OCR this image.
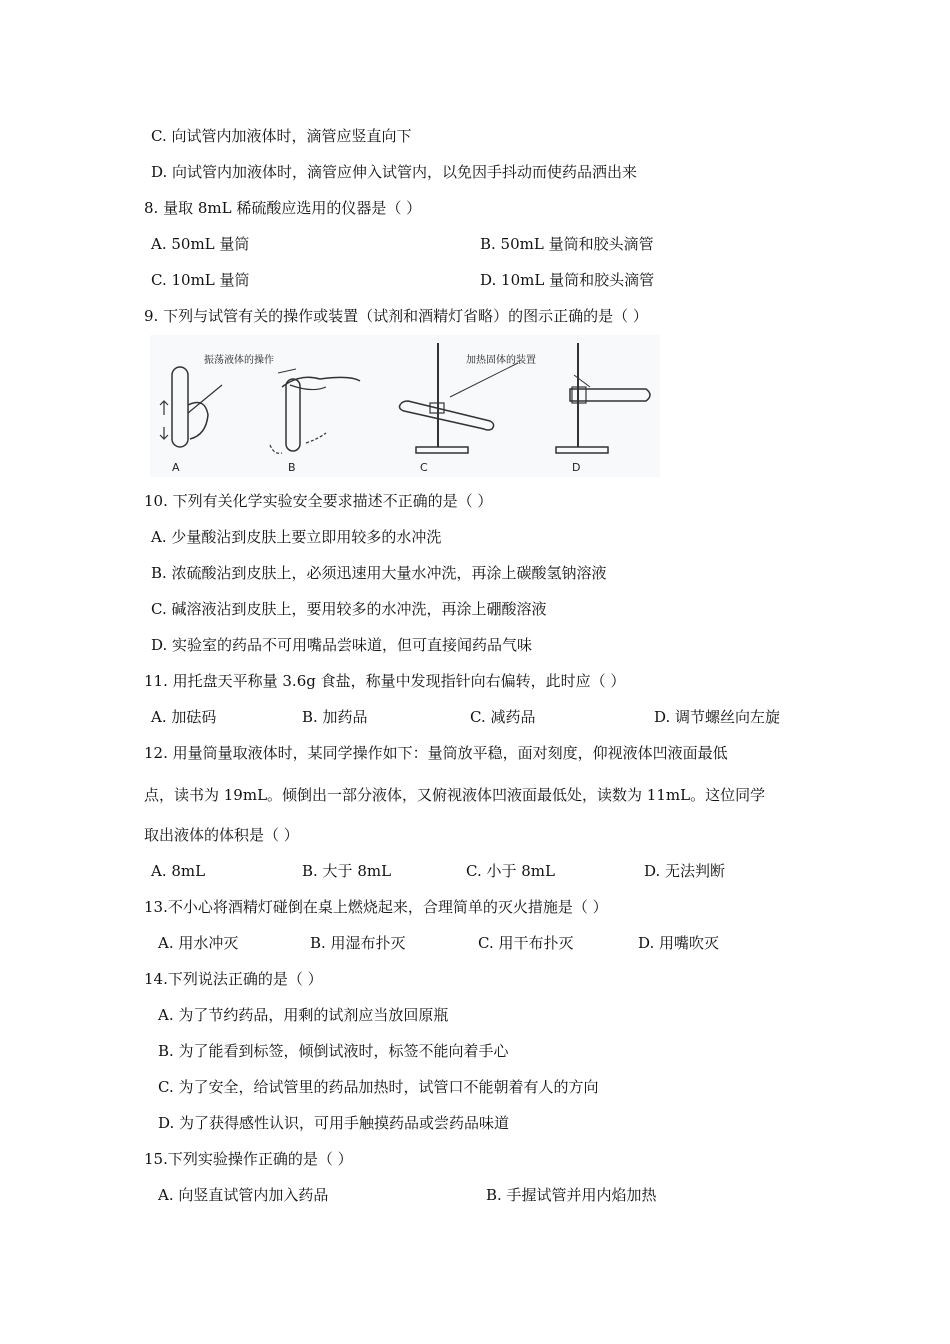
C. 向试管内加液体时，滴管应竖直向下
D. 向试管内加液体时，滴管应伸入试管内，以免因手抖动而使药品洒出来
8. 量取 8mL 稀硫酸应选用的仪器是（ ）
A. 50mL 量筒	B. 50mL 量筒和胶头滴管
C. 10mL 量筒	D. 10mL 量筒和胶头滴管
9. 下列与试管有关的操作或装置（试剂和酒精灯省略）的图示正确的是（ ）
振荡液体的操作	加热固体的装置
A	B	C	D
10. 下列有关化学实验安全要求描述不正确的是（ ）
A. 少量酸沾到皮肤上要立即用较多的水冲洗
B. 浓硫酸沾到皮肤上，必须迅速用大量水冲洗，再涂上碳酸氢钠溶液
C. 碱溶液沾到皮肤上，要用较多的水冲洗，再涂上硼酸溶液
D. 实验室的药品不可用嘴品尝味道，但可直接闻药品气味
11. 用托盘天平称量 3.6g 食盐，称量中发现指针向右偏转，此时应（ ）
A. 加砝码	B. 加药品	C. 减药品	D. 调节螺丝向左旋
12. 用量筒量取液体时，某同学操作如下：量筒放平稳，面对刻度，仰视液体凹液面最低
点，读书为 19mL。倾倒出一部分液体，又俯视液体凹液面最低处，读数为 11mL。这位同学
取出液体的体积是（ ）
A. 8mL	B. 大于 8mL	C. 小于 8mL	D. 无法判断
13.不小心将酒精灯碰倒在桌上燃烧起来，合理简单的灭火措施是（ ）
A. 用水冲灭	B. 用湿布扑灭	C. 用干布扑灭	D. 用嘴吹灭
14.下列说法正确的是（ ）
A. 为了节约药品，用剩的试剂应当放回原瓶
B. 为了能看到标签，倾倒试液时，标签不能向着手心
C. 为了安全，给试管里的药品加热时，试管口不能朝着有人的方向
D. 为了获得感性认识，可用手触摸药品或尝药品味道
15.下列实验操作正确的是（ ）
A. 向竖直试管内加入药品	B. 手握试管并用内焰加热
